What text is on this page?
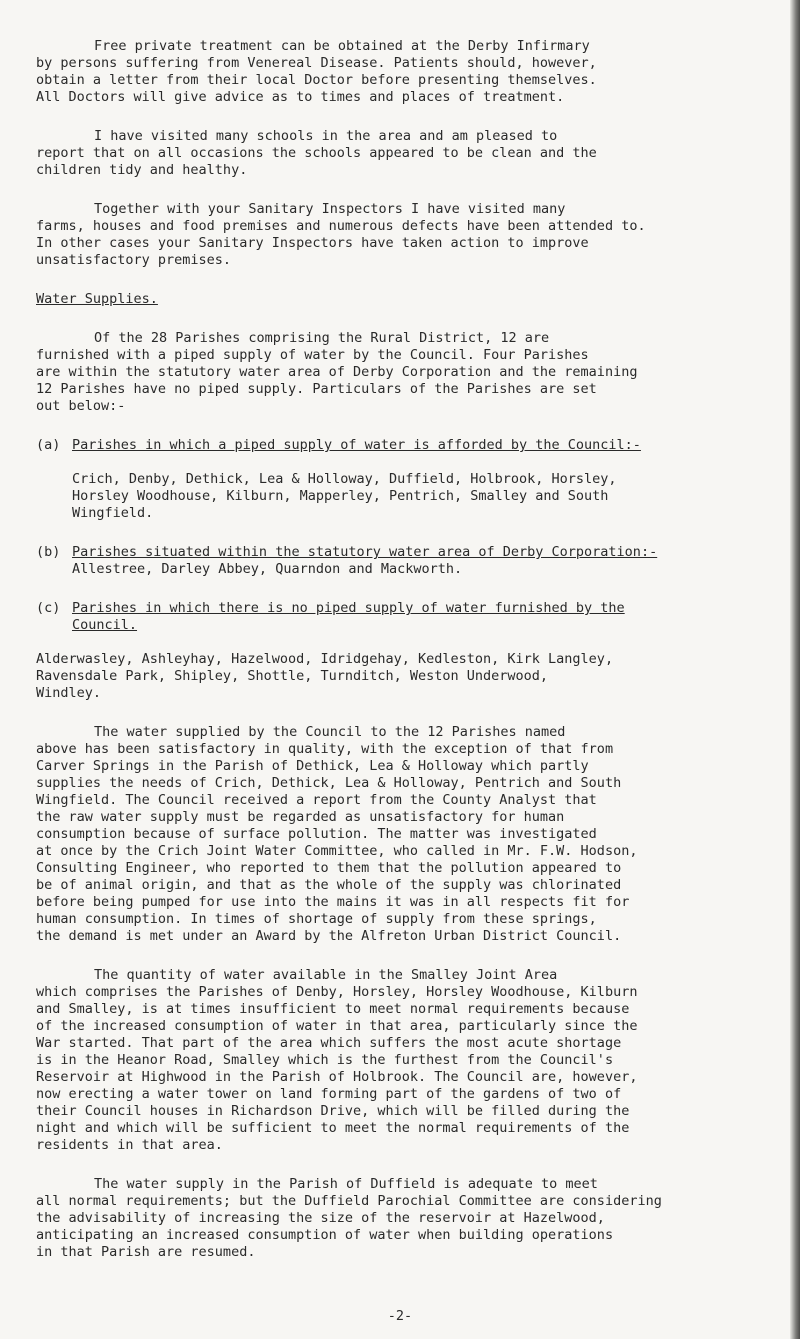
Free private treatment can be obtained at the Derby Infirmary
by persons suffering from Venereal Disease. Patients should, however,
obtain a letter from their local Doctor before presenting themselves.
All Doctors will give advice as to times and places of treatment.

I have visited many schools in the area and am pleased to
report that on all occasions the schools appeared to be clean and the
children tidy and healthy.

Together with your Sanitary Inspectors I have visited many
farms, houses and food premises and numerous defects have been attended to.
In other cases your Sanitary Inspectors have taken action to improve
unsatisfactory premises.

Water Supplies.

Of the 28 Parishes comprising the Rural District, 12 are
furnished with a piped supply of water by the Council. Four Parishes
are within the statutory water area of Derby Corporation and the remaining
12 Parishes have no piped supply. Particulars of the Parishes are set
out below:-

(a) Parishes in which a piped supply of water is afforded by the Council:-

Crich, Denby, Dethick, Lea & Holloway, Duffield, Holbrook, Horsley,
Horsley Woodhouse, Kilburn, Mapperley, Pentrich, Smalley and South
Wingfield.

(b) Parishes situated within the statutory water area of Derby Corporation:-

Allestree, Darley Abbey, Quarndon and Mackworth.

(c) Parishes in which there is no piped supply of water furnished by the
Council.

Alderwasley, Ashleyhay, Hazelwood, Idridgehay, Kedleston, Kirk Langley,
Ravensdale Park, Shipley, Shottle, Turnditch, Weston Underwood,
Windley.

The water supplied by the Council to the 12 Parishes named
above has been satisfactory in quality, with the exception of that from
Carver Springs in the Parish of Dethick, Lea & Holloway which partly
supplies the needs of Crich, Dethick, Lea & Holloway, Pentrich and South
Wingfield. The Council received a report from the County Analyst that
the raw water supply must be regarded as unsatisfactory for human
consumption because of surface pollution. The matter was investigated
at once by the Crich Joint Water Committee, who called in Mr. F.W. Hodson,
Consulting Engineer, who reported to them that the pollution appeared to
be of animal origin, and that as the whole of the supply was chlorinated
before being pumped for use into the mains it was in all respects fit for
human consumption. In times of shortage of supply from these springs,
the demand is met under an Award by the Alfreton Urban District Council.

The quantity of water available in the Smalley Joint Area
which comprises the Parishes of Denby, Horsley, Horsley Woodhouse, Kilburn
and Smalley, is at times insufficient to meet normal requirements because
of the increased consumption of water in that area, particularly since the
War started. That part of the area which suffers the most acute shortage
is in the Heanor Road, Smalley which is the furthest from the Council's
Reservoir at Highwood in the Parish of Holbrook. The Council are, however,
now erecting a water tower on land forming part of the gardens of two of
their Council houses in Richardson Drive, which will be filled during the
night and which will be sufficient to meet the normal requirements of the
residents in that area.

The water supply in the Parish of Duffield is adequate to meet
all normal requirements; but the Duffield Parochial Committee are considering
the advisability of increasing the size of the reservoir at Hazelwood,
anticipating an increased consumption of water when building operations
in that Parish are resumed.

-2-
